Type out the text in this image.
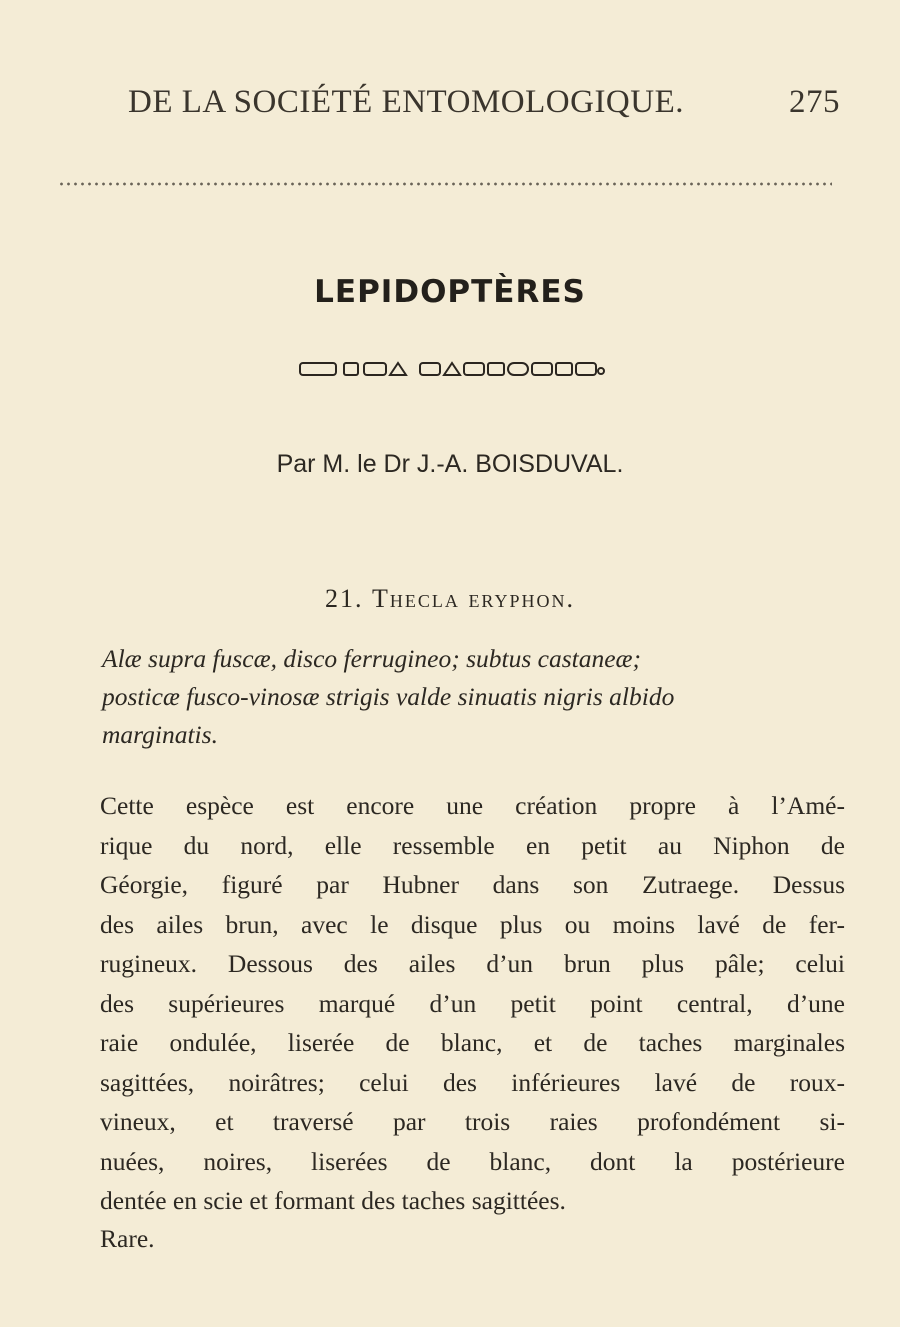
DE LA SOCIÉTÉ ENTOMOLOGIQUE.	275
LEPIDOPTÈRES
Par M. le Dr J.-A. BOISDUVAL.
21. Thecla eryphon.
Alæ supra fuscæ, disco ferrugineo; subtus castaneæ;
posticæ fusco-vinosæ strigis valde sinuatis nigris albido
marginatis.
Cette espèce est encore une création propre à l’Amé-
rique du nord, elle ressemble en petit au Niphon de
Géorgie, figuré par Hubner dans son Zutraege. Dessus
des ailes brun, avec le disque plus ou moins lavé de fer-
rugineux. Dessous des ailes d’un brun plus pâle; celui
des supérieures marqué d’un petit point central, d’une
raie ondulée, liserée de blanc, et de taches marginales
sagittées, noirâtres; celui des inférieures lavé de roux-
vineux, et traversé par trois raies profondément si-
nuées, noires, liserées de blanc, dont la postérieure
dentée en scie et formant des taches sagittées.
Rare.
